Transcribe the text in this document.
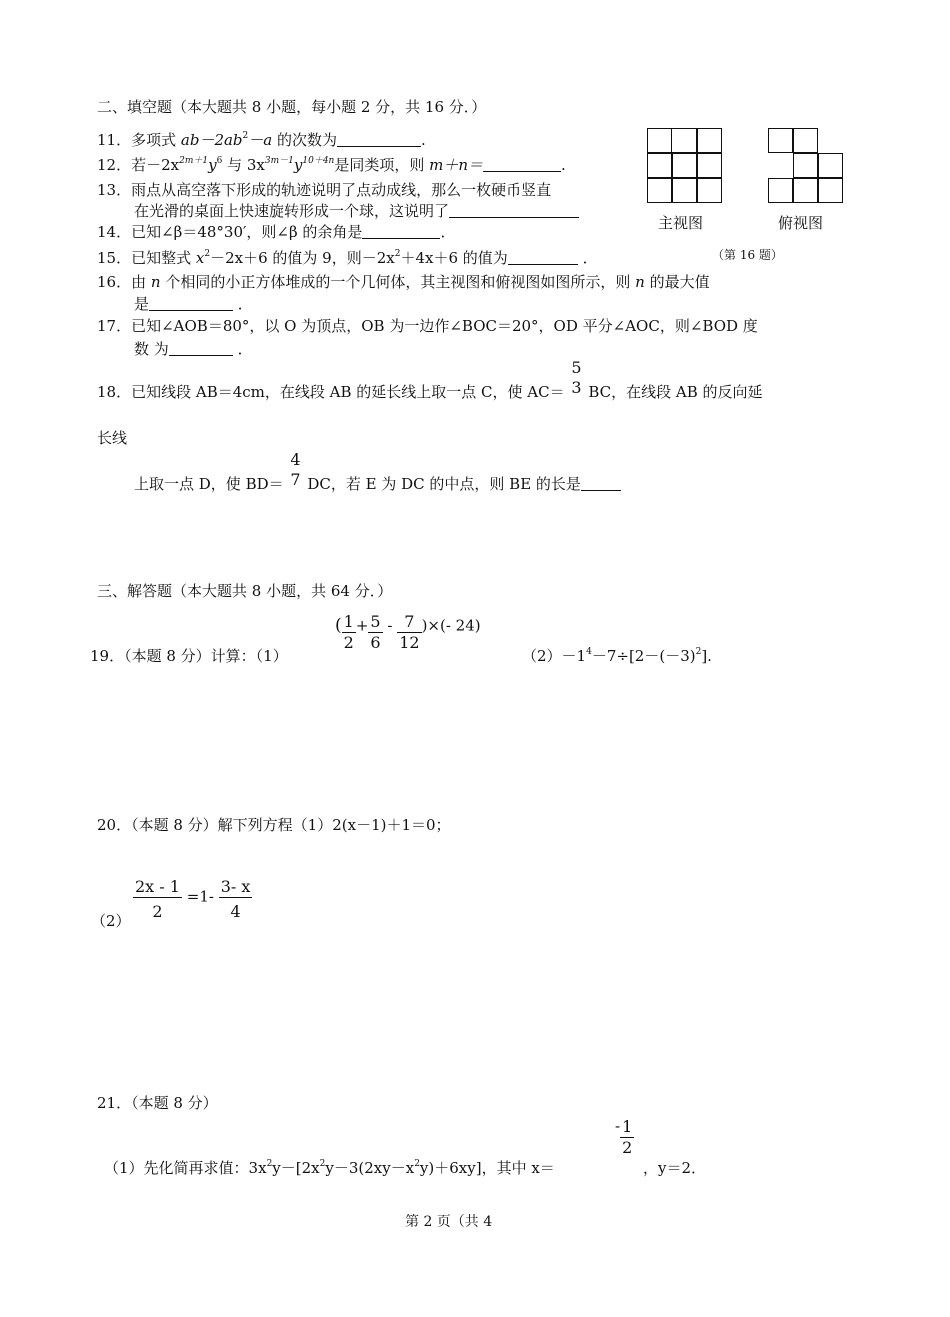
二、填空题（本大题共 8 小题，每小题 2 分，共 16 分．）
11．多项式 $ab-2ab^2-a$ 的次数为	.
12．若$-2x^{2m+1}y^6$ 与 $3x^{3m-1}y^{10+4n}$是同类项，则 m＋n＝	.
13．雨点从高空落下形成的轨迹说明了点动成线，那么一枚硬币竖直
在光滑的桌面上快速旋转形成一个球，这说明了
14．已知∠β＝48°30′，则∠β 的余角是	．
15．已知整式 $x^2-2x+6$ 的值为 9，则$-2x^2+4x+6$ 的值为	．
16．由 n 个相同的小正方体堆成的一个几何体，其主视图和俯视图如图所示，则 n 的最大值
是	．
17．已知∠AOB＝80°，以 O 为顶点，OB 为一边作∠BOC＝20°，OD 平分∠AOC，则∠BOD 度
数 为	．
18．已知线段 AB＝4cm，在线段 AB 的延长线上取一点 C，使 AC＝
5
3 BC，在线段 AB 的反向延
长线
上取一点 D，使 BD＝
4
7 DC，若 E 为 DC 的中点，则 BE 的长是
主视图	俯视图
（第 16 题）
三、解答题（本大题共 8 小题，共 64 分．）
( $\frac{1}{2} + \frac{5}{6} - \frac{7}{12}$ )×(- 24)
19．（本题 8 分）计算：（1）	$(2)-1^4-7\div[2-(-3)^2]$.
20．（本题 8 分）解下列方程（1）2(x－1)＋1＝0；
$(2) \frac{2x - 1}{2} =1- \frac{3- x}{4}$
21．（本题 8 分）
（1）先化简再求值：$3x^2y-[2x^2y-3(2xy-x^2y)+6xy]$，其中 x＝
- $\frac{1}{2}$
，y＝2．
第 2 页（共 4
